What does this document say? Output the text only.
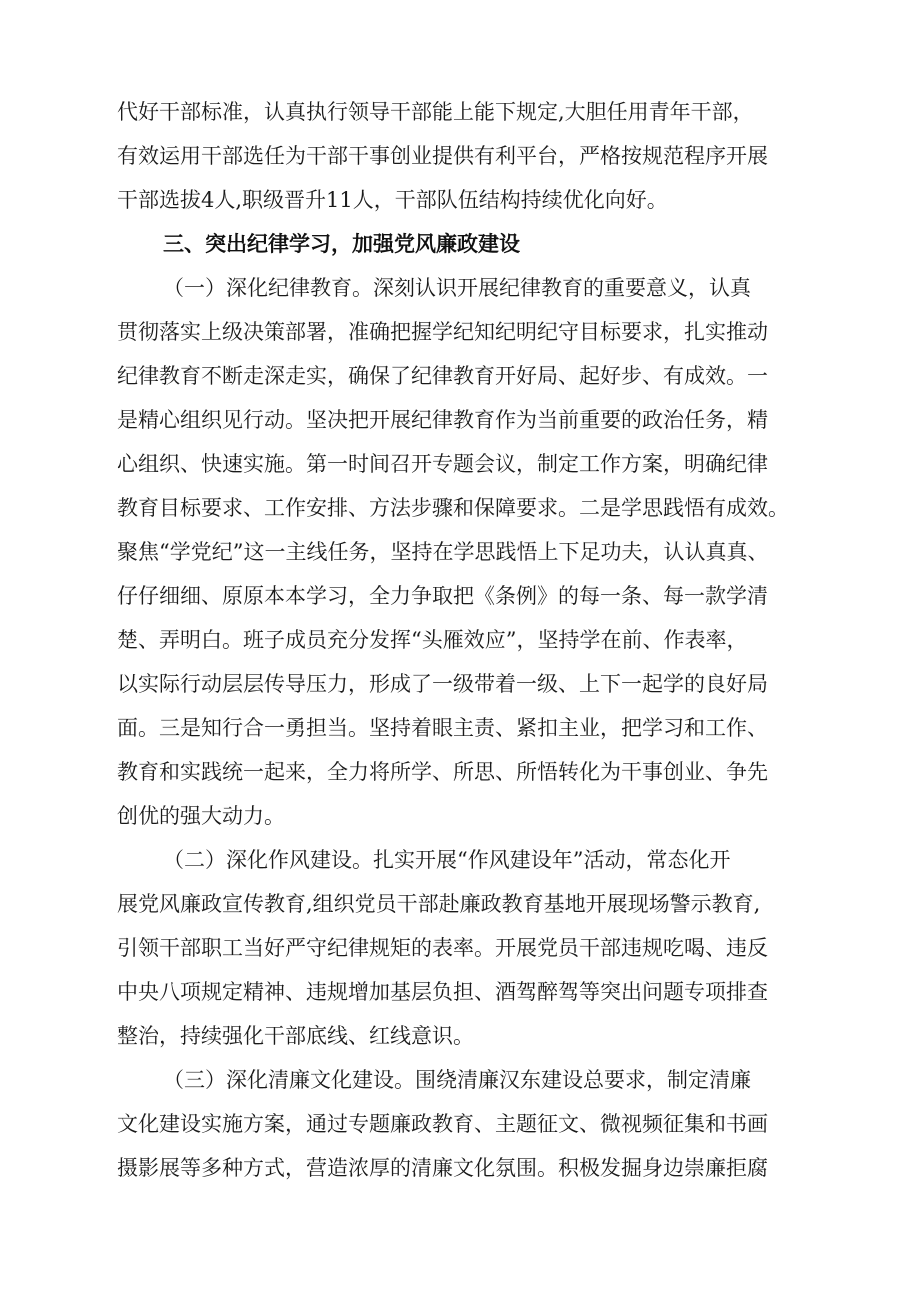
代好干部标准，认真执行领导干部能上能下规定,大胆任用青年干部，
有效运用干部选任为干部干事创业提供有利平台，严格按规范程序开展
干部选拔4人,职级晋升11人，干部队伍结构持续优化向好。
三、突出纪律学习，加强党风廉政建设
（一）深化纪律教育。深刻认识开展纪律教育的重要意义，认真
贯彻落实上级决策部署，准确把握学纪知纪明纪守目标要求，扎实推动
纪律教育不断走深走实，确保了纪律教育开好局、起好步、有成效。一
是精心组织见行动。坚决把开展纪律教育作为当前重要的政治任务，精
心组织、快速实施。第一时间召开专题会议，制定工作方案，明确纪律
教育目标要求、工作安排、方法步骤和保障要求。二是学思践悟有成效。
聚焦“学党纪”这一主线任务，坚持在学思践悟上下足功夫，认认真真、
仔仔细细、原原本本学习，全力争取把《条例》的每一条、每一款学清
楚、弄明白。班子成员充分发挥“头雁效应”，坚持学在前、作表率，
以实际行动层层传导压力，形成了一级带着一级、上下一起学的良好局
面。三是知行合一勇担当。坚持着眼主责、紧扣主业，把学习和工作、
教育和实践统一起来，全力将所学、所思、所悟转化为干事创业、争先
创优的强大动力。
（二）深化作风建设。扎实开展“作风建设年”活动，常态化开
展党风廉政宣传教育,组织党员干部赴廉政教育基地开展现场警示教育,
引领干部职工当好严守纪律规矩的表率。开展党员干部违规吃喝、违反
中央八项规定精神、违规增加基层负担、酒驾醉驾等突出问题专项排查
整治，持续强化干部底线、红线意识。
（三）深化清廉文化建设。围绕清廉汉东建设总要求，制定清廉
文化建设实施方案，通过专题廉政教育、主题征文、微视频征集和书画
摄影展等多种方式，营造浓厚的清廉文化氛围。积极发掘身边崇廉拒腐
